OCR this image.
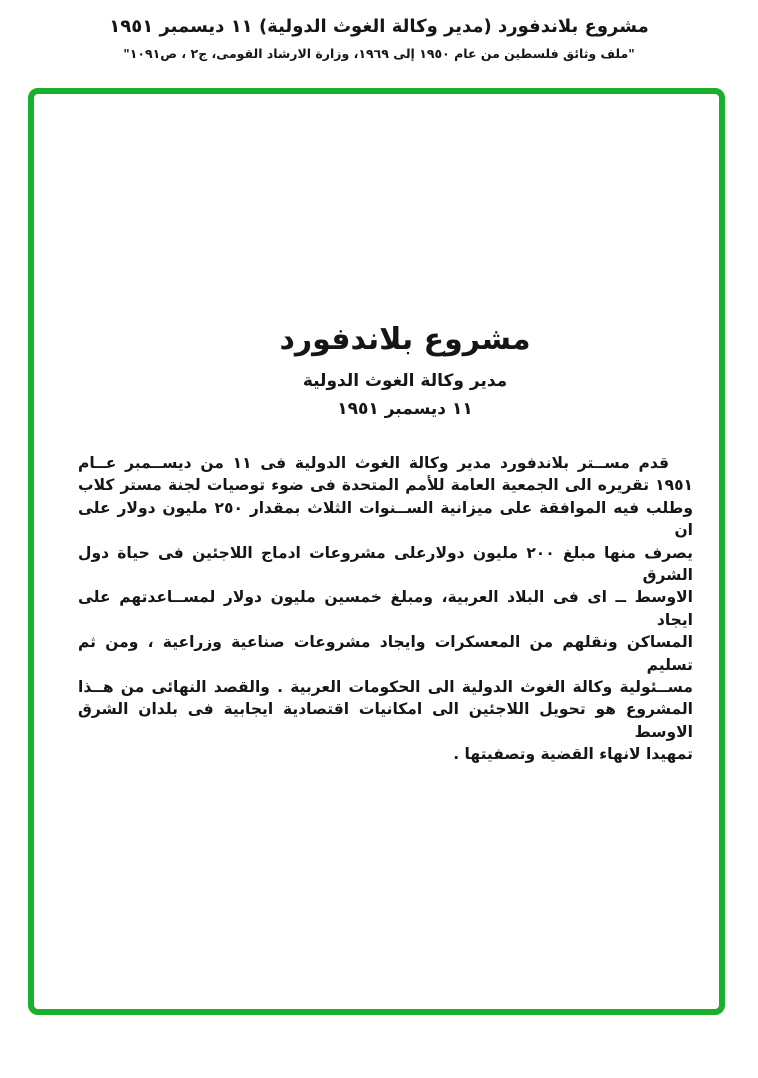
مشروع بلاندفورد (مدير وكالة الغوث الدولية) ١١ ديسمبر ١٩٥١
"ملف وثائق فلسطين من عام ١٩٥٠ إلى ١٩٦٩، وزارة الارشاد القومى، ج٢ ، ص١٠٩١"
مشروع بلاندفورد
مدير وكالة الغوث الدولية
١١ ديسمبر ١٩٥١
قدم مســتر بلاندفورد مدير وكالة الغوث الدولية فى ١١ من ديســمبر عــام
١٩٥١ تقريره الى الجمعية العامة للأمم المتحدة فى ضوء توصيات لجنة مستر كلاب
وطلب فيه الموافقة على ميزانية الســنوات الثلاث بمقدار ٢٥٠ مليون دولار على ان
يصرف منها مبلغ ٢٠٠ مليون دولارعلى مشروعات ادماج اللاجئين فى حياة دول الشرق
الاوسط ــ اى فى البلاد العربية، ومبلغ خمسين مليون دولار لمســاعدتهم على ايجاد
المساكن ونقلهم من المعسكرات وايجاد مشروعات صناعية وزراعية ، ومن ثم تسليم
مســئولية وكالة الغوث الدولية الى الحكومات العربية . والقصد النهائى من هــذا
المشروع هو تحويل اللاجئين الى امكانيات اقتصادية ايجابية فى بلدان الشرق الاوسط
تمهيدا لانهاء القضية وتصفيتها .
